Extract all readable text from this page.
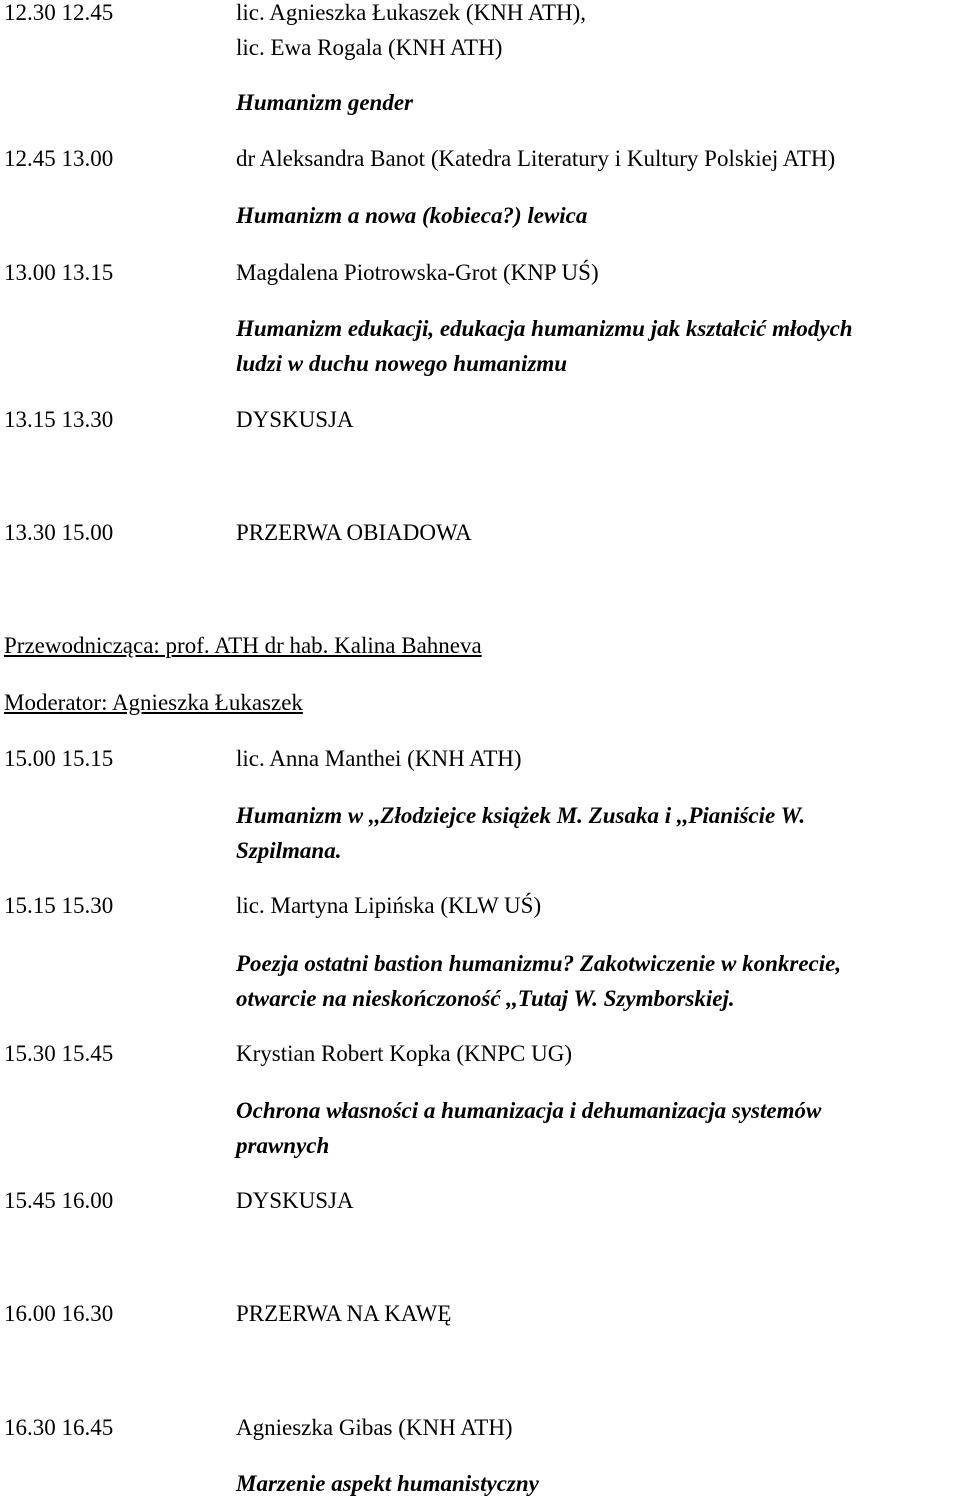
12.30 12.45	lic. Agnieszka Łukaszek (KNH ATH),
lic. Ewa Rogala (KNH ATH)
Humanizm gender
12.45 13.00	dr Aleksandra Banot (Katedra Literatury i Kultury Polskiej ATH)
Humanizm a nowa (kobieca?) lewica
13.00 13.15	Magdalena Piotrowska-Grot (KNP UŚ)
Humanizm edukacji, edukacja humanizmu jak kształcić młodych
ludzi w duchu nowego humanizmu
13.15 13.30	DYSKUSJA
13.30 15.00	PRZERWA OBIADOWA
Przewodnicząca: prof. ATH dr hab. Kalina Bahneva
Moderator: Agnieszka Łukaszek
15.00 15.15	lic. Anna Manthei (KNH ATH)
Humanizm w ,,Złodziejce książek M. Zusaka i ,,Pianiście W.
Szpilmana.
15.15 15.30	lic. Martyna Lipińska (KLW UŚ)
Poezja ostatni bastion humanizmu? Zakotwiczenie w konkrecie,
otwarcie na nieskończoność ,,Tutaj W. Szymborskiej.
15.30 15.45	Krystian Robert Kopka (KNPC UG)
Ochrona własności a humanizacja i dehumanizacja systemów
prawnych
15.45 16.00	DYSKUSJA
16.00 16.30	PRZERWA NA KAWĘ
16.30 16.45	Agnieszka Gibas (KNH ATH)
Marzenie aspekt humanistyczny
